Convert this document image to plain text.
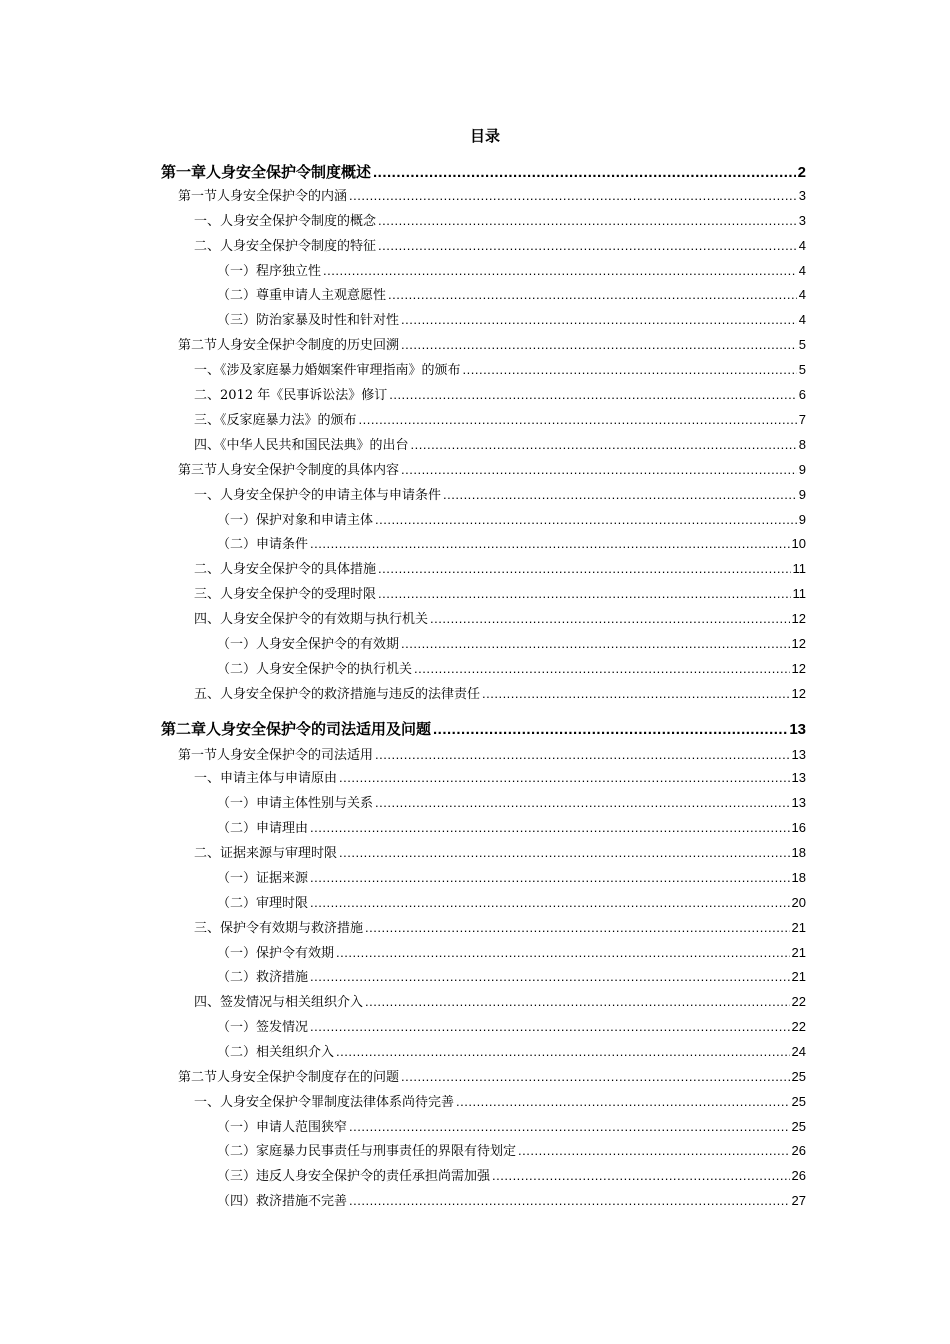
目录
第一章人身安全保护令制度概述 .....	2
第一节人身安全保护令的内涵 .....	3
一、人身安全保护令制度的概念 .....	3
二、人身安全保护令制度的特征 .....	4
（一）程序独立性 .....	4
（二）尊重申请人主观意愿性 .....	4
（三）防治家暴及时性和针对性 .....	4
第二节人身安全保护令制度的历史回溯 .....	5
一、《涉及家庭暴力婚姻案件审理指南》的颁布 .....	5
二、2012 年《民事诉讼法》修订 .....	6
三、《反家庭暴力法》的颁布 .....	7
四、《中华人民共和国民法典》的出台 .....	8
第三节人身安全保护令制度的具体内容 .....	9
一、人身安全保护令的申请主体与申请条件 .....	9
（一）保护对象和申请主体 .....	9
（二）申请条件 .....	10
二、人身安全保护令的具体措施 .....	11
三、人身安全保护令的受理时限 .....	11
四、人身安全保护令的有效期与执行机关 .....	12
（一）人身安全保护令的有效期 .....	12
（二）人身安全保护令的执行机关 .....	12
五、人身安全保护令的救济措施与违反的法律责任 .....	12
第二章人身安全保护令的司法适用及问题 .....	13
第一节人身安全保护令的司法适用 .....	13
一、申请主体与申请原由 .....	13
（一）申请主体性别与关系 .....	13
（二）申请理由 .....	16
二、证据来源与审理时限 .....	18
（一）证据来源 .....	18
（二）审理时限 .....	20
三、保护令有效期与救济措施 .....	21
（一）保护令有效期 .....	21
（二）救济措施 .....	21
四、签发情况与相关组织介入 .....	22
（一）签发情况 .....	22
（二）相关组织介入 .....	24
第二节人身安全保护令制度存在的问题 .....	25
一、人身安全保护令罪制度法律体系尚待完善 .....	25
（一）申请人范围狭窄 .....	25
（二）家庭暴力民事责任与刑事责任的界限有待划定 .....	26
（三）违反人身安全保护令的责任承担尚需加强 .....	26
（四）救济措施不完善 .....	27
